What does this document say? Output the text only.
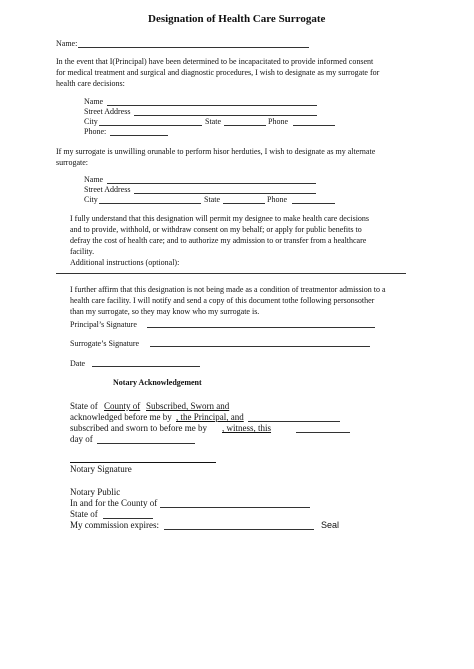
Designation of Health Care Surrogate
Name:
In the event that I(Principal) have been determined to be incapacitated to provide informed consent
for medical treatment and surgical and diagnostic procedures, I wish to designate as my surrogate for
health care decisions:
Name
Street Address
City	State	Phone
Phone:
If my surrogate is unwilling orunable to perform hisor herduties, I wish to designate as my alternate
surrogate:
Name
Street Address
City	State	Phone
I fully understand that this designation will permit my designee to make health care decisions
and to provide, withhold, or withdraw consent on my behalf; or apply for public benefits to
defray the cost of health care; and to authorize my admission to or transfer from a healthcare
facility.
Additional instructions (optional):
I further affirm that this designation is not being made as a condition of treatmentor admission to a
health care facility. I will notify and send a copy of this document tothe following personsother
than my surrogate, so they may know who my surrogate is.
Principal’s Signature
Surrogate’s Signature
Date
Notary Acknowledgement
State of County of Subscribed, Sworn and
acknowledged before me by , the Principal, and
subscribed and sworn to before me by , witness, this
day of
Notary Signature
Notary Public
In and for the County of
State of
My commission expires:	Seal
